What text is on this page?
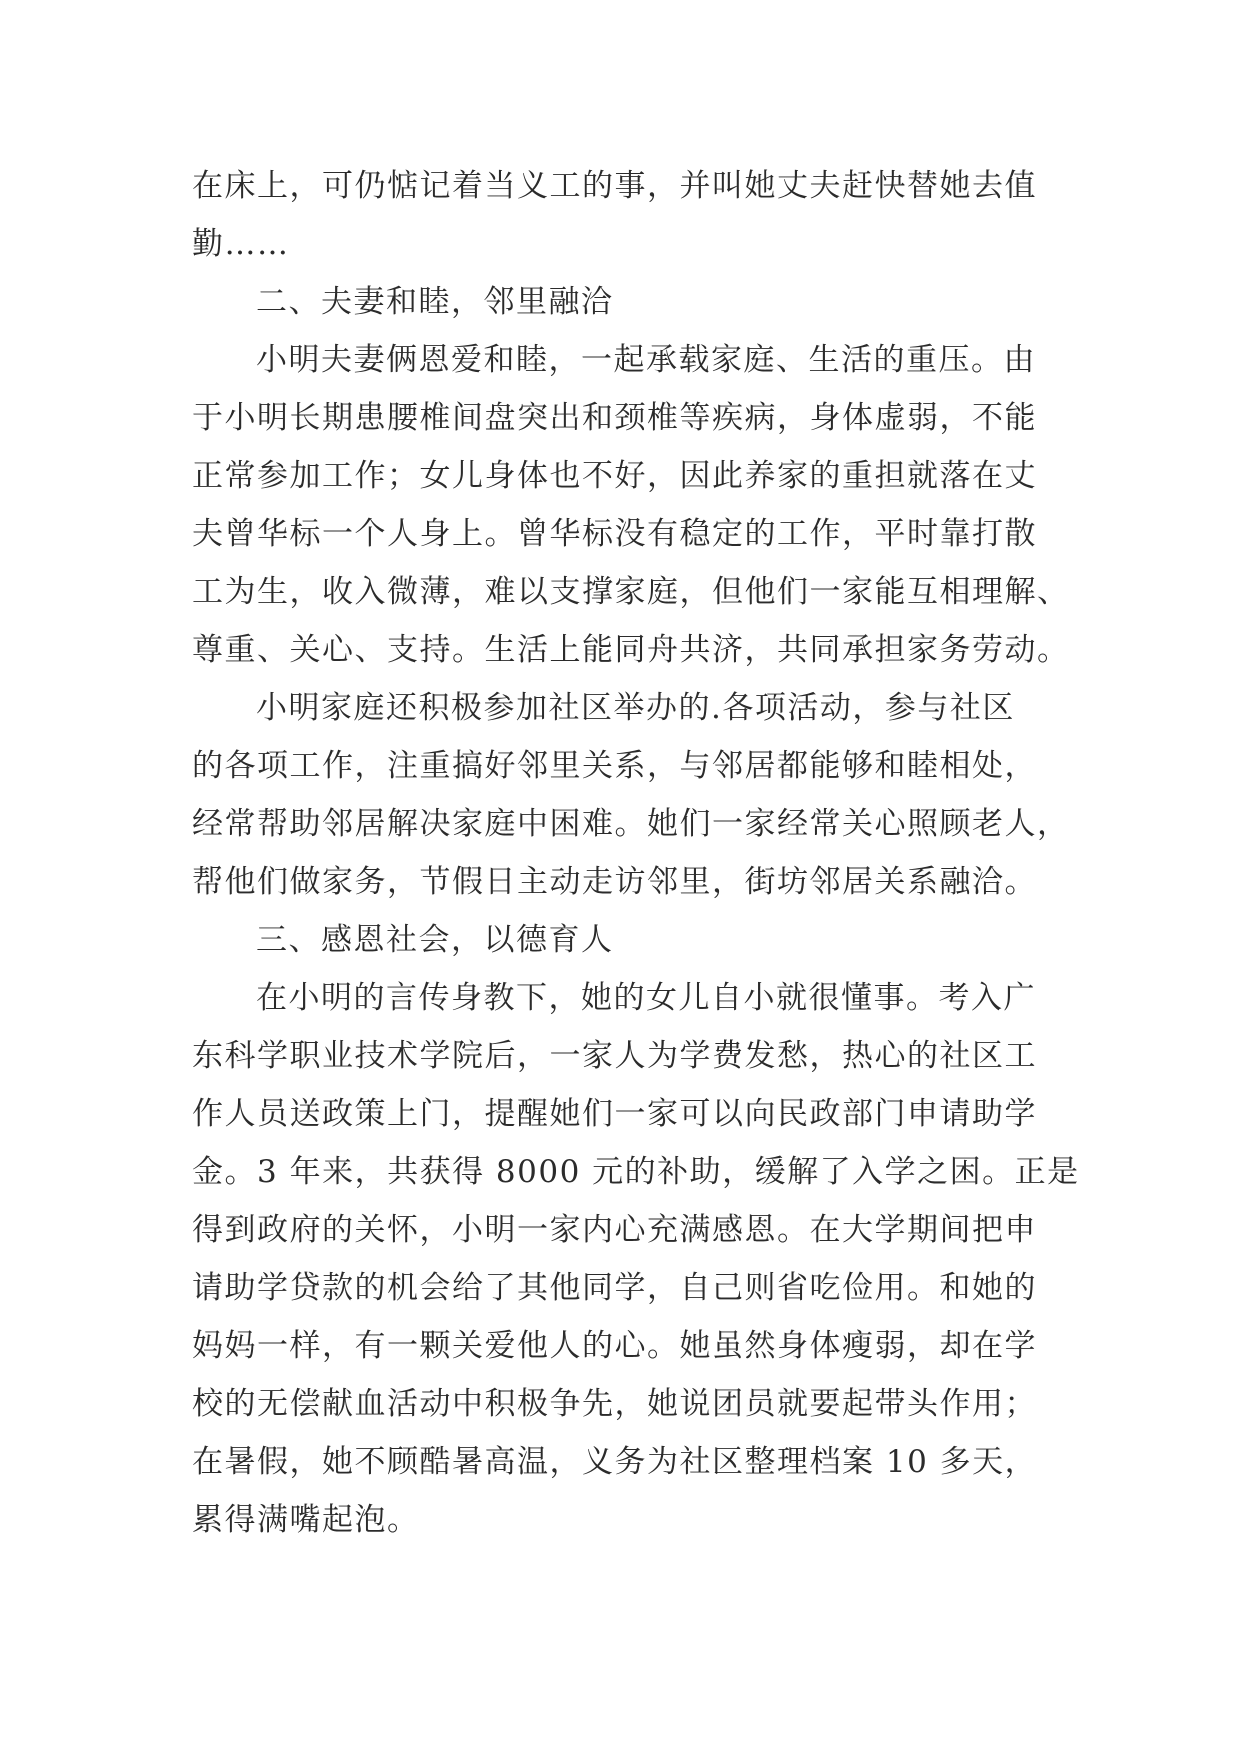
在床上，可仍惦记着当义工的事，并叫她丈夫赶快替她去值
勤……
二、夫妻和睦，邻里融洽
小明夫妻俩恩爱和睦，一起承载家庭、生活的重压。由
于小明长期患腰椎间盘突出和颈椎等疾病，身体虚弱，不能
正常参加工作；女儿身体也不好，因此养家的重担就落在丈
夫曾华标一个人身上。曾华标没有稳定的工作，平时靠打散
工为生，收入微薄，难以支撑家庭，但他们一家能互相理解、
尊重、关心、支持。生活上能同舟共济，共同承担家务劳动。
小明家庭还积极参加社区举办的.各项活动，参与社区
的各项工作，注重搞好邻里关系，与邻居都能够和睦相处，
经常帮助邻居解决家庭中困难。她们一家经常关心照顾老人，
帮他们做家务，节假日主动走访邻里，街坊邻居关系融洽。
三、感恩社会，以德育人
在小明的言传身教下，她的女儿自小就很懂事。考入广
东科学职业技术学院后，一家人为学费发愁，热心的社区工
作人员送政策上门，提醒她们一家可以向民政部门申请助学
金。3 年来，共获得 8000 元的补助，缓解了入学之困。正是
得到政府的关怀，小明一家内心充满感恩。在大学期间把申
请助学贷款的机会给了其他同学，自己则省吃俭用。和她的
妈妈一样，有一颗关爱他人的心。她虽然身体瘦弱，却在学
校的无偿献血活动中积极争先，她说团员就要起带头作用；
在暑假，她不顾酷暑高温，义务为社区整理档案 10 多天，
累得满嘴起泡。
